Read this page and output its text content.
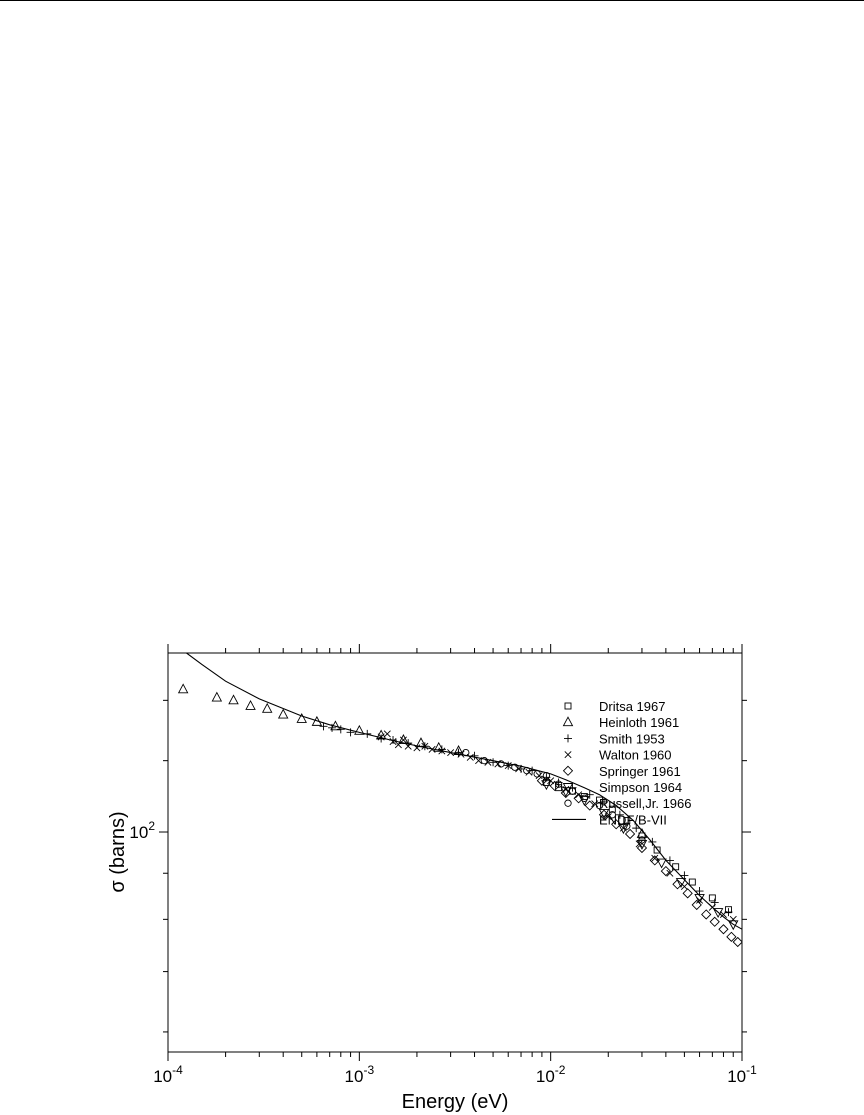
$10^{-4}$	$10^{-3}$	$10^{-2}$	$10^{-1}$
$10^2$
Dritsa 1967
Heinloth 1961
Smith 1953
Walton 1960
Springer 1961
Simpson 1964
Russell,Jr. 1966
ENDF/B-VII
Energy (eV)
σ (barns)
